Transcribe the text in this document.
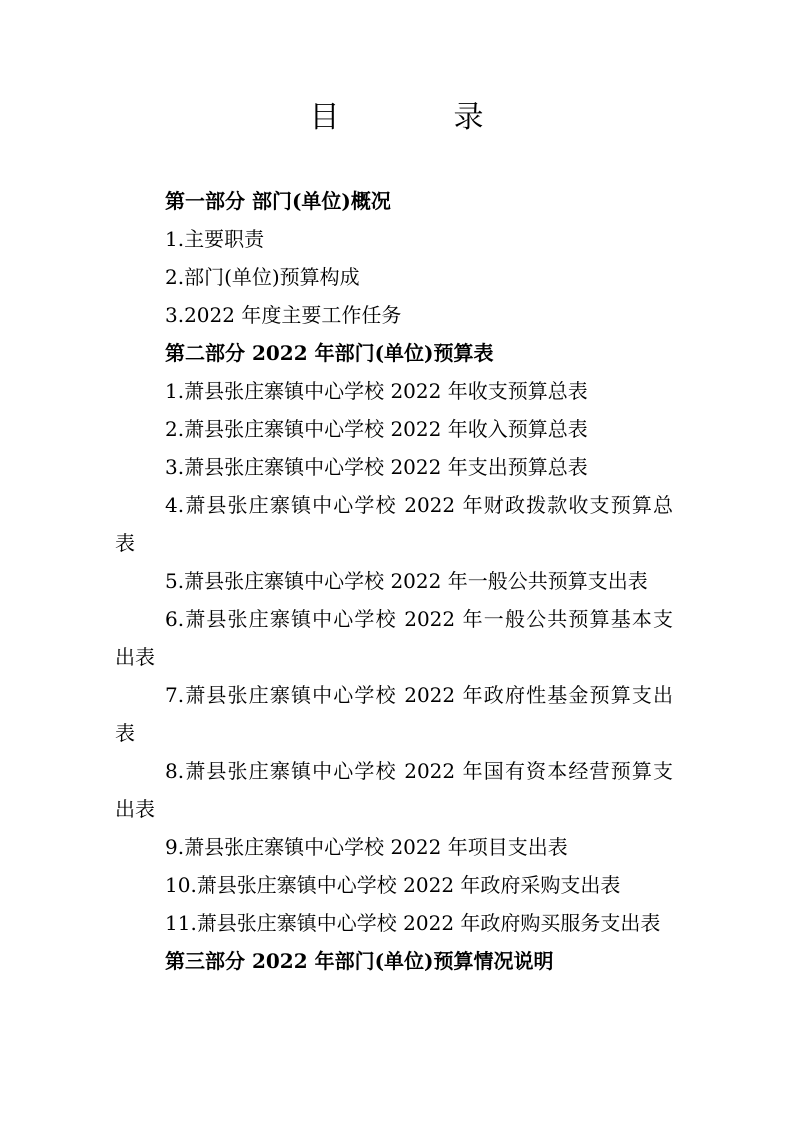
目　录
第一部分 部门(单位)概况
1.主要职责
2.部门(单位)预算构成
3.2022 年度主要工作任务
第二部分 2022 年部门(单位)预算表
1.萧县张庄寨镇中心学校 2022 年收支预算总表
2.萧县张庄寨镇中心学校 2022 年收入预算总表
3.萧县张庄寨镇中心学校 2022 年支出预算总表
4.萧县张庄寨镇中心学校 2022 年财政拨款收支预算总
表
5.萧县张庄寨镇中心学校 2022 年一般公共预算支出表
6.萧县张庄寨镇中心学校 2022 年一般公共预算基本支
出表
7.萧县张庄寨镇中心学校 2022 年政府性基金预算支出
表
8.萧县张庄寨镇中心学校 2022 年国有资本经营预算支
出表
9.萧县张庄寨镇中心学校 2022 年项目支出表
10.萧县张庄寨镇中心学校 2022 年政府采购支出表
11.萧县张庄寨镇中心学校 2022 年政府购买服务支出表
第三部分 2022 年部门(单位)预算情况说明
